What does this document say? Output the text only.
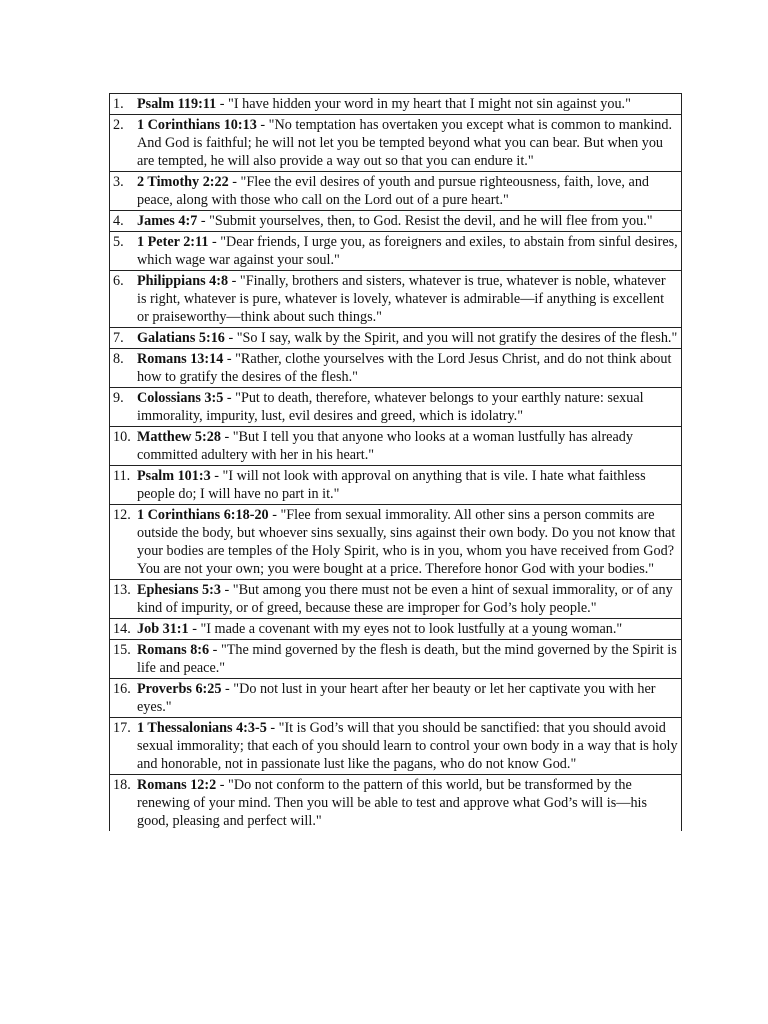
1. Psalm 119:11 - "I have hidden your word in my heart that I might not sin against you."

2. 1 Corinthians 10:13 - "No temptation has overtaken you except what is common to mankind. And God is faithful; he will not let you be tempted beyond what you can bear. But when you are tempted, he will also provide a way out so that you can endure it."

3. 2 Timothy 2:22 - "Flee the evil desires of youth and pursue righteousness, faith, love, and peace, along with those who call on the Lord out of a pure heart."

4. James 4:7 - "Submit yourselves, then, to God. Resist the devil, and he will flee from you."

5. 1 Peter 2:11 - "Dear friends, I urge you, as foreigners and exiles, to abstain from sinful desires, which wage war against your soul."

6. Philippians 4:8 - "Finally, brothers and sisters, whatever is true, whatever is noble, whatever is right, whatever is pure, whatever is lovely, whatever is admirable—if anything is excellent or praiseworthy—think about such things."

7. Galatians 5:16 - "So I say, walk by the Spirit, and you will not gratify the desires of the flesh."

8. Romans 13:14 - "Rather, clothe yourselves with the Lord Jesus Christ, and do not think about how to gratify the desires of the flesh."

9. Colossians 3:5 - "Put to death, therefore, whatever belongs to your earthly nature: sexual immorality, impurity, lust, evil desires and greed, which is idolatry."

10. Matthew 5:28 - "But I tell you that anyone who looks at a woman lustfully has already committed adultery with her in his heart."

11. Psalm 101:3 - "I will not look with approval on anything that is vile. I hate what faithless people do; I will have no part in it."

12. 1 Corinthians 6:18-20 - "Flee from sexual immorality. All other sins a person commits are outside the body, but whoever sins sexually, sins against their own body. Do you not know that your bodies are temples of the Holy Spirit, who is in you, whom you have received from God? You are not your own; you were bought at a price. Therefore honor God with your bodies."

13. Ephesians 5:3 - "But among you there must not be even a hint of sexual immorality, or of any kind of impurity, or of greed, because these are improper for God’s holy people."

14. Job 31:1 - "I made a covenant with my eyes not to look lustfully at a young woman."

15. Romans 8:6 - "The mind governed by the flesh is death, but the mind governed by the Spirit is life and peace."

16. Proverbs 6:25 - "Do not lust in your heart after her beauty or let her captivate you with her eyes."

17. 1 Thessalonians 4:3-5 - "It is God’s will that you should be sanctified: that you should avoid sexual immorality; that each of you should learn to control your own body in a way that is holy and honorable, not in passionate lust like the pagans, who do not know God."

18. Romans 12:2 - "Do not conform to the pattern of this world, but be transformed by the renewing of your mind. Then you will be able to test and approve what God’s will is—his good, pleasing and perfect will."
